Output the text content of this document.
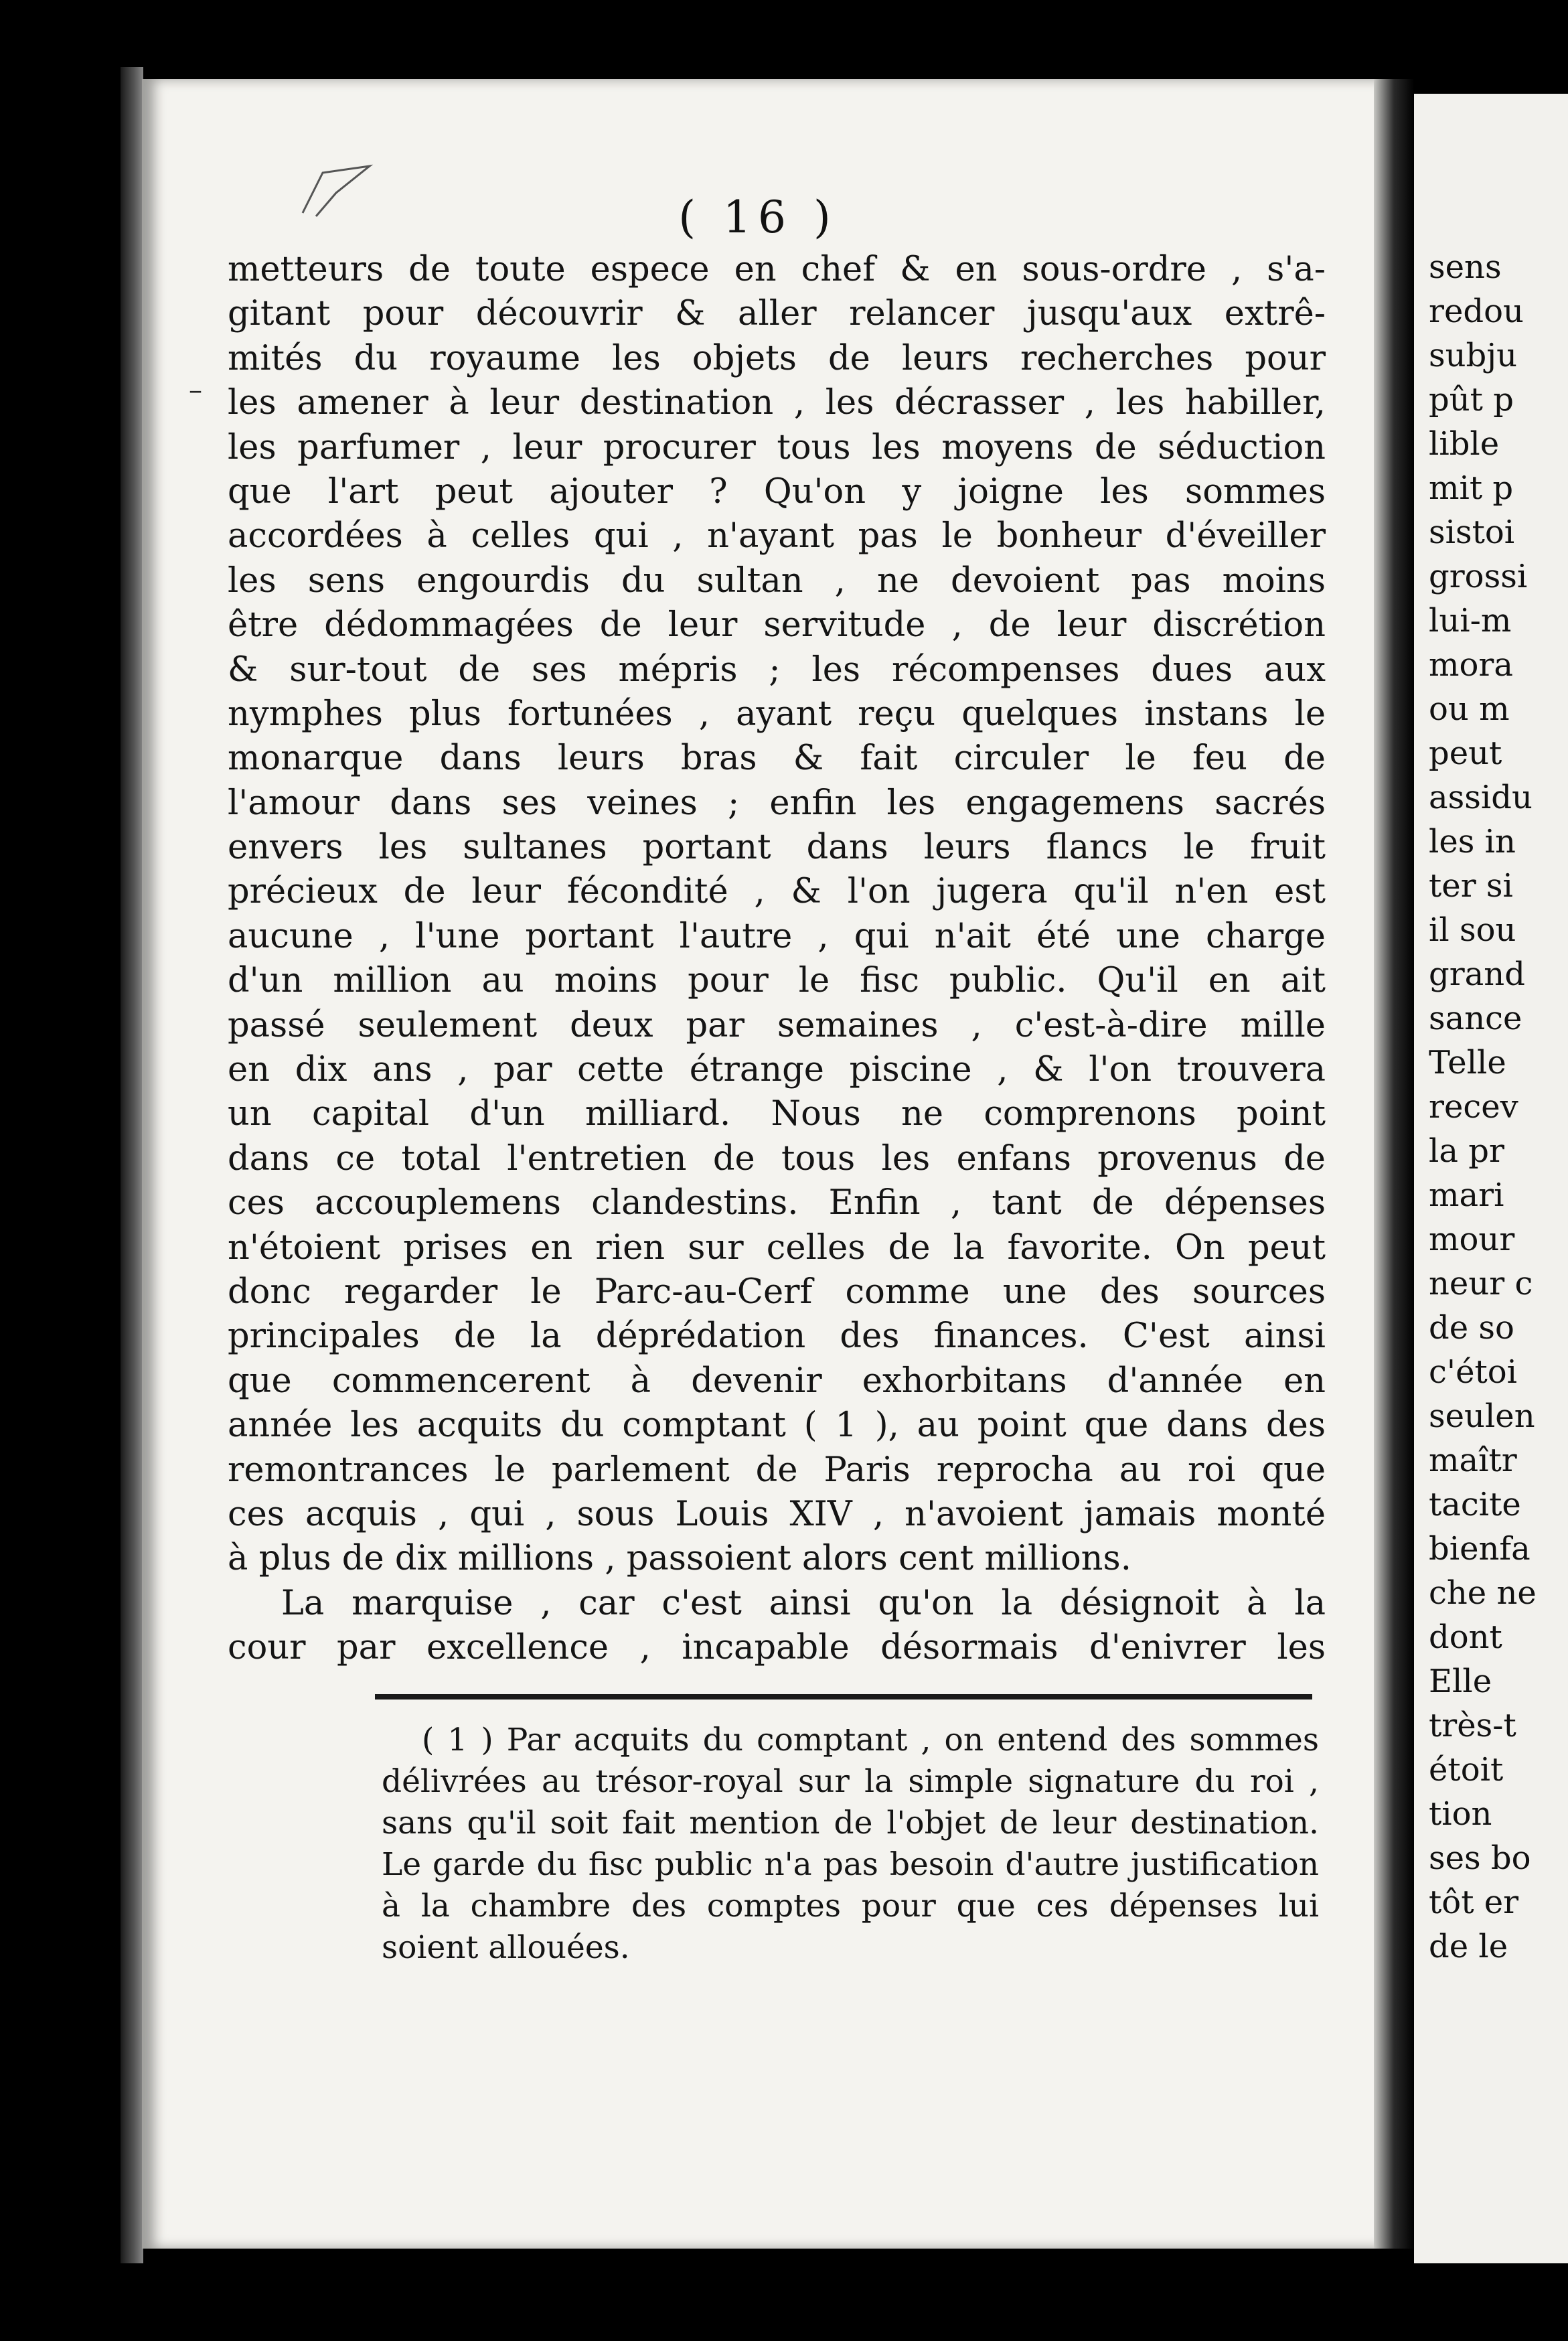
( 16 )
metteurs de toute espece en chef & en sous-ordre , s'a-
gitant pour découvrir & aller relancer jusqu'aux extrê-
mités du royaume les objets de leurs recherches pour
les amener à leur destination , les décrasser , les habiller,
les parfumer , leur procurer tous les moyens de séduction
que l'art peut ajouter ? Qu'on y joigne les sommes
accordées à celles qui , n'ayant pas le bonheur d'éveiller
les sens engourdis du sultan , ne devoient pas moins
être dédommagées de leur servitude , de leur discrétion
& sur-tout de ses mépris ; les récompenses dues aux
nymphes plus fortunées , ayant reçu quelques instans le
monarque dans leurs bras & fait circuler le feu de
l'amour dans ses veines ; enfin les engagemens sacrés
envers les sultanes portant dans leurs flancs le fruit
précieux de leur fécondité , & l'on jugera qu'il n'en est
aucune , l'une portant l'autre , qui n'ait été une charge
d'un million au moins pour le fisc public. Qu'il en ait
passé seulement deux par semaines , c'est-à-dire mille
en dix ans , par cette étrange piscine , & l'on trouvera
un capital d'un milliard. Nous ne comprenons point
dans ce total l'entretien de tous les enfans provenus de
ces accouplemens clandestins. Enfin , tant de dépenses
n'étoient prises en rien sur celles de la favorite. On peut
donc regarder le Parc-au-Cerf comme une des sources
principales de la déprédation des finances. C'est ainsi
que commencerent à devenir exhorbitans d'année en
année les acquits du comptant ( 1 ), au point que dans des
remontrances le parlement de Paris reprocha au roi que
ces acquis , qui , sous Louis XIV , n'avoient jamais monté
à plus de dix millions , passoient alors cent millions.
La marquise , car c'est ainsi qu'on la désignoit à la
cour par excellence , incapable désormais d'enivrer les
( 1 ) Par acquits du comptant , on entend des sommes
délivrées au trésor-royal sur la simple signature du roi ,
sans qu'il soit fait mention de l'objet de leur destination.
Le garde du fisc public n'a pas besoin d'autre justification
à la chambre des comptes pour que ces dépenses lui
soient allouées.
sens
redou
subju
pût p
lible
mit p
sistoi
grossi
lui-m
mora
ou m
peut
assidu
les in
ter si
il sou
grand
sance
Telle
recev
la pr
mari
mour
neur c
de so
c'étoi
seulen
maîtr
tacite
bienfa
che ne
dont
Elle
très-t
étoit
tion
ses bo
tôt er
de le
–
